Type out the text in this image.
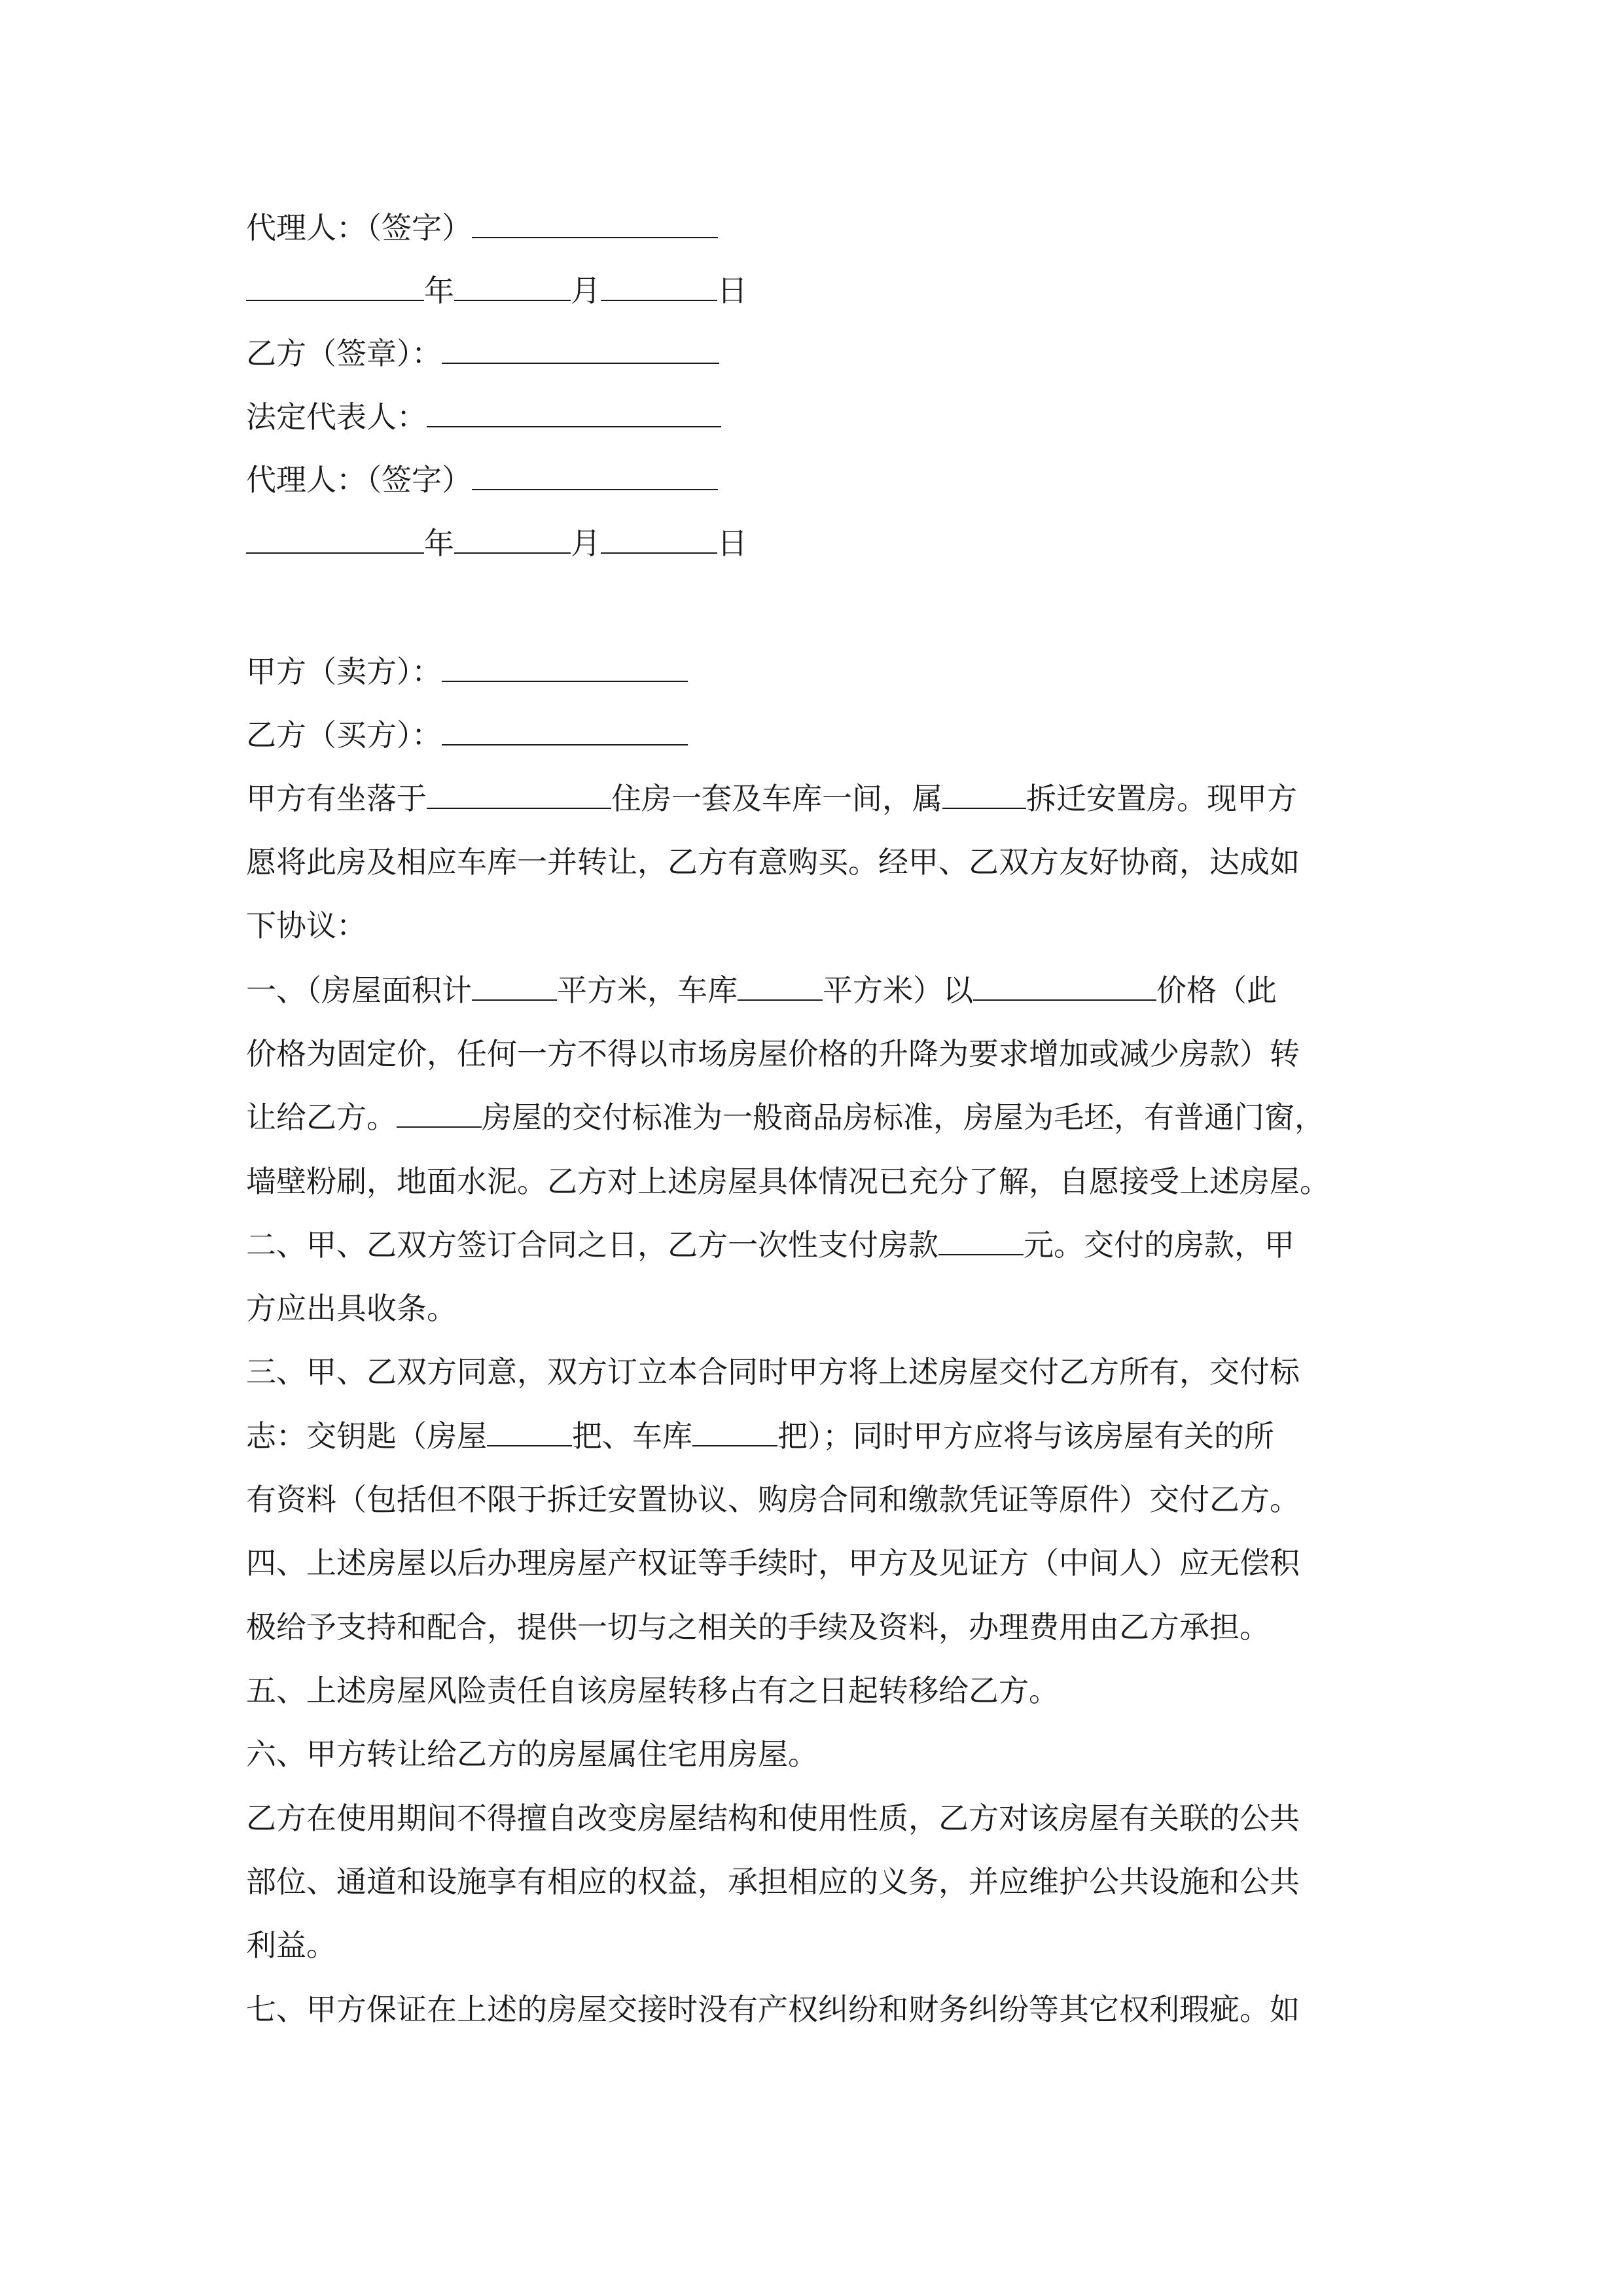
代理人：（签字）
年	月	日
乙方（签章）：
法定代表人：
代理人：（签字）
年	月	日
甲方（卖方）：
乙方（买方）：
甲方有坐落于	住房一套及车库一间，属	拆迁安置房。现甲方
愿将此房及相应车库一并转让，乙方有意购买。经甲、乙双方友好协商，达成如
下协议：
一、（房屋面积计	平方米，车库	平方米）以	价格（此
价格为固定价，任何一方不得以市场房屋价格的升降为要求增加或减少房款）转
让给乙方。	房屋的交付标准为一般商品房标准，房屋为毛坯，有普通门窗，
墙壁粉刷，地面水泥。乙方对上述房屋具体情况已充分了解，自愿接受上述房屋。
二、甲、乙双方签订合同之日，乙方一次性支付房款	元。交付的房款，甲
方应出具收条。
三、甲、乙双方同意，双方订立本合同时甲方将上述房屋交付乙方所有，交付标
志：交钥匙（房屋	把、车库	把）；同时甲方应将与该房屋有关的所
有资料（包括但不限于拆迁安置协议、购房合同和缴款凭证等原件）交付乙方。
四、上述房屋以后办理房屋产权证等手续时，甲方及见证方（中间人）应无偿积
极给予支持和配合，提供一切与之相关的手续及资料，办理费用由乙方承担。
五、上述房屋风险责任自该房屋转移占有之日起转移给乙方。
六、甲方转让给乙方的房屋属住宅用房屋。
乙方在使用期间不得擅自改变房屋结构和使用性质，乙方对该房屋有关联的公共
部位、通道和设施享有相应的权益，承担相应的义务，并应维护公共设施和公共
利益。
七、甲方保证在上述的房屋交接时没有产权纠纷和财务纠纷等其它权利瑕疵。如
